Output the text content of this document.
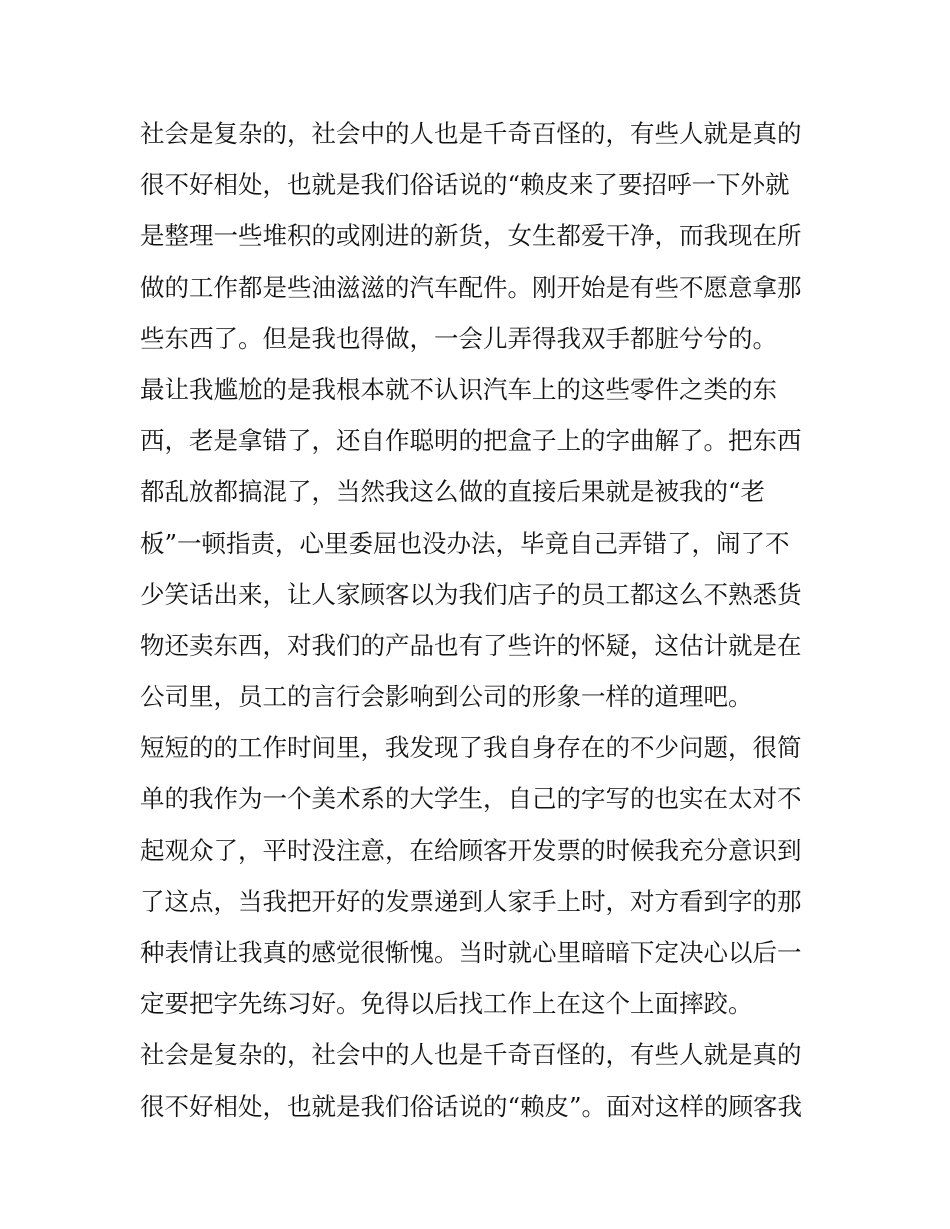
社会是复杂的，社会中的人也是千奇百怪的，有些人就是真的
很不好相处，也就是我们俗话说的“赖皮来了要招呼一下外就
是整理一些堆积的或刚进的新货，女生都爱干净，而我现在所
做的工作都是些油滋滋的汽车配件。刚开始是有些不愿意拿那
些东西了。但是我也得做，一会儿弄得我双手都脏兮兮的。
最让我尴尬的是我根本就不认识汽车上的这些零件之类的东
西，老是拿错了，还自作聪明的把盒子上的字曲解了。把东西
都乱放都搞混了，当然我这么做的直接后果就是被我的“老
板”一顿指责，心里委屈也没办法，毕竟自己弄错了，闹了不
少笑话出来，让人家顾客以为我们店子的员工都这么不熟悉货
物还卖东西，对我们的产品也有了些许的怀疑，这估计就是在
公司里，员工的言行会影响到公司的形象一样的道理吧。
短短的的工作时间里，我发现了我自身存在的不少问题，很简
单的我作为一个美术系的大学生，自己的字写的也实在太对不
起观众了，平时没注意，在给顾客开发票的时候我充分意识到
了这点，当我把开好的发票递到人家手上时，对方看到字的那
种表情让我真的感觉很惭愧。当时就心里暗暗下定决心以后一
定要把字先练习好。免得以后找工作上在这个上面摔跤。
社会是复杂的，社会中的人也是千奇百怪的，有些人就是真的
很不好相处，也就是我们俗话说的“赖皮”。面对这样的顾客我
